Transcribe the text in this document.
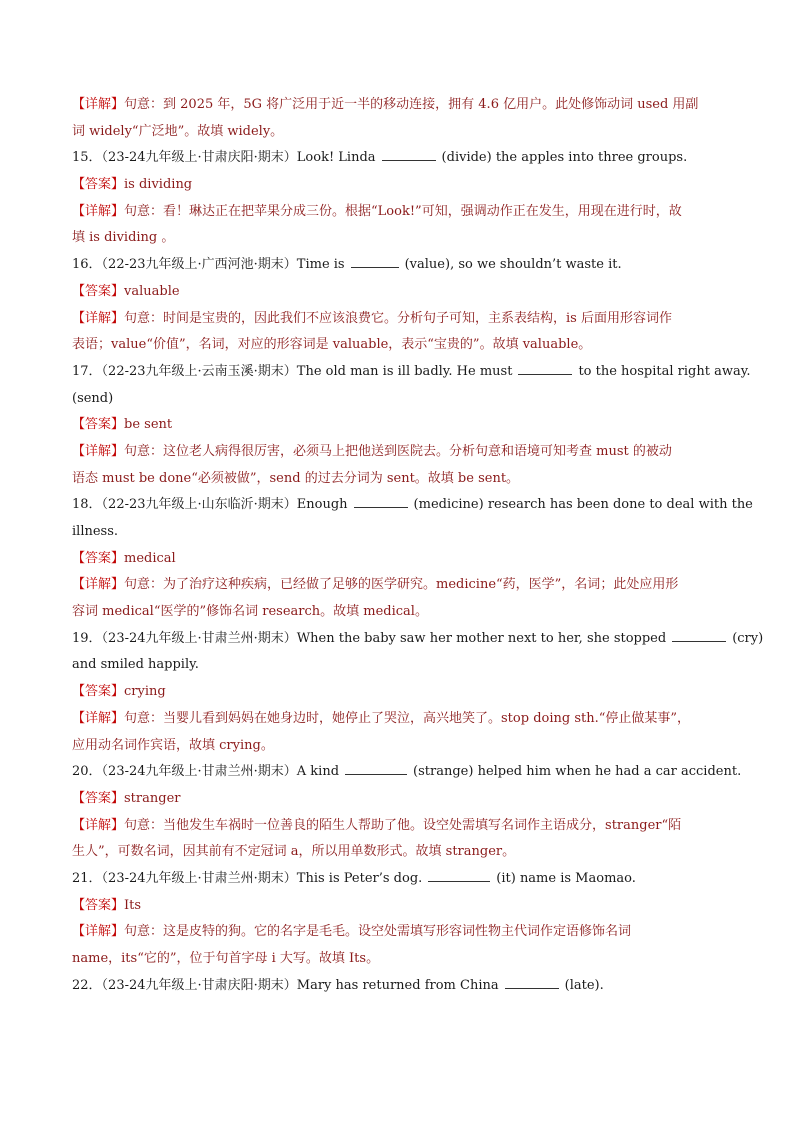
【详解】句意：到 2025 年，5G 将广泛用于近一半的移动连接，拥有 4.6 亿用户。此处修饰动词 used 用副
词 widely“广泛地”。故填 widely。
15．（23-24九年级上·甘肃庆阳·期末）Look! Linda	(divide) the apples into three groups.
【答案】is dividing
【详解】句意：看！琳达正在把苹果分成三份。根据“Look!”可知，强调动作正在发生，用现在进行时，故
填 is dividing 。
16．（22-23九年级上·广西河池·期末）Time is	(value), so we shouldn’t waste it.
【答案】valuable
【详解】句意：时间是宝贵的，因此我们不应该浪费它。分析句子可知，主系表结构，is 后面用形容词作
表语；value“价值”，名词，对应的形容词是 valuable，表示“宝贵的”。故填 valuable。
17．（22-23九年级上·云南玉溪·期末）The old man is ill badly. He must	to the hospital right away.
(send)
【答案】be sent
【详解】句意：这位老人病得很厉害，必须马上把他送到医院去。分析句意和语境可知考查 must 的被动
语态 must be done“必须被做”，send 的过去分词为 sent。故填 be sent。
18．（22-23九年级上·山东临沂·期末）Enough	(medicine) research has been done to deal with the
illness.
【答案】medical
【详解】句意：为了治疗这种疾病，已经做了足够的医学研究。medicine“药，医学”，名词；此处应用形
容词 medical“医学的”修饰名词 research。故填 medical。
19．（23-24九年级上·甘肃兰州·期末）When the baby saw her mother next to her, she stopped	(cry)
and smiled happily.
【答案】crying
【详解】句意：当婴儿看到妈妈在她身边时，她停止了哭泣，高兴地笑了。stop doing sth.“停止做某事”，
应用动名词作宾语，故填 crying。
20．（23-24九年级上·甘肃兰州·期末）A kind	(strange) helped him when he had a car accident.
【答案】stranger
【详解】句意：当他发生车祸时一位善良的陌生人帮助了他。设空处需填写名词作主语成分，stranger“陌
生人”，可数名词，因其前有不定冠词 a，所以用单数形式。故填 stranger。
21．（23-24九年级上·甘肃兰州·期末）This is Peter’s dog.	(it) name is Maomao.
【答案】Its
【详解】句意：这是皮特的狗。它的名字是毛毛。设空处需填写形容词性物主代词作定语修饰名词
name，its“它的”，位于句首字母 i 大写。故填 Its。
22．（23-24九年级上·甘肃庆阳·期末）Mary has returned from China	(late).
